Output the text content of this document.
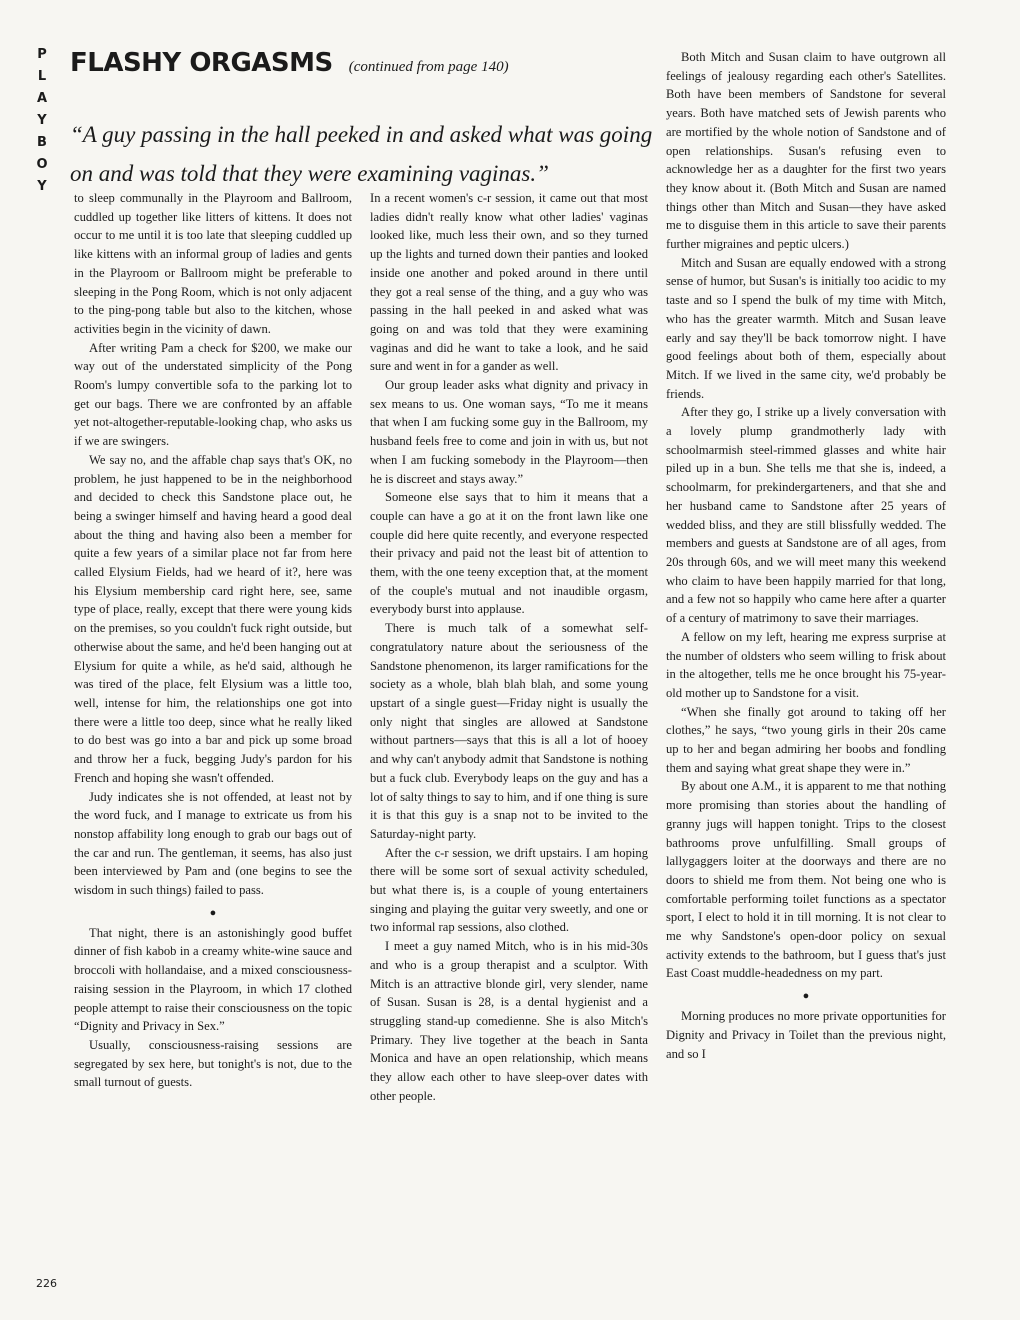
P
L
A
Y
B
O
Y
FLASHY ORGASMS (continued from page 140)

“A guy passing in the hall peeked in and asked what was going on and was told that they were examining vaginas.”

to sleep communally in the Playroom and Ballroom, cuddled up together like litters of kittens. It does not occur to me until it is too late that sleeping cuddled up like kittens with an informal group of ladies and gents in the Playroom or Ballroom might be preferable to sleeping in the Pong Room, which is not only adjacent to the ping-pong table but also to the kitchen, whose activities begin in the vicinity of dawn.

After writing Pam a check for $200, we make our way out of the understated simplicity of the Pong Room's lumpy convertible sofa to the parking lot to get our bags. There we are confronted by an affable yet not-altogether-reputable-looking chap, who asks us if we are swingers.

We say no, and the affable chap says that's OK, no problem, he just happened to be in the neighborhood and decided to check this Sandstone place out, he being a swinger himself and having heard a good deal about the thing and having also been a member for quite a few years of a similar place not far from here called Elysium Fields, had we heard of it?, here was his Elysium membership card right here, see, same type of place, really, except that there were young kids on the premises, so you couldn't fuck right outside, but otherwise about the same, and he'd been hanging out at Elysium for quite a while, as he'd said, although he was tired of the place, felt Elysium was a little too, well, intense for him, the relationships one got into there were a little too deep, since what he really liked to do best was go into a bar and pick up some broad and throw her a fuck, begging Judy's pardon for his French and hoping she wasn't offended.

Judy indicates she is not offended, at least not by the word fuck, and I manage to extricate us from his nonstop affability long enough to grab our bags out of the car and run. The gentleman, it seems, has also just been interviewed by Pam and (one begins to see the wisdom in such things) failed to pass.

●

That night, there is an astonishingly good buffet dinner of fish kabob in a creamy white-wine sauce and broccoli with hollandaise, and a mixed consciousness-raising session in the Playroom, in which 17 clothed people attempt to raise their consciousness on the topic “Dignity and Privacy in Sex.”

Usually, consciousness-raising sessions are segregated by sex here, but tonight's is not, due to the small turnout of guests.

In a recent women's c-r session, it came out that most ladies didn't really know what other ladies' vaginas looked like, much less their own, and so they turned up the lights and turned down their panties and looked inside one another and poked around in there until they got a real sense of the thing, and a guy who was passing in the hall peeked in and asked what was going on and was told that they were examining vaginas and did he want to take a look, and he said sure and went in for a gander as well.

Our group leader asks what dignity and privacy in sex means to us. One woman says, “To me it means that when I am fucking some guy in the Ballroom, my husband feels free to come and join in with us, but not when I am fucking somebody in the Playroom—then he is discreet and stays away.”

Someone else says that to him it means that a couple can have a go at it on the front lawn like one couple did here quite recently, and everyone respected their privacy and paid not the least bit of attention to them, with the one teeny exception that, at the moment of the couple's mutual and not inaudible orgasm, everybody burst into applause.

There is much talk of a somewhat self-congratulatory nature about the seriousness of the Sandstone phenomenon, its larger ramifications for the society as a whole, blah blah blah, and some young upstart of a single guest—Friday night is usually the only night that singles are allowed at Sandstone without partners—says that this is all a lot of hooey and why can't anybody admit that Sandstone is nothing but a fuck club. Everybody leaps on the guy and has a lot of salty things to say to him, and if one thing is sure it is that this guy is a snap not to be invited to the Saturday-night party.

After the c-r session, we drift upstairs. I am hoping there will be some sort of sexual activity scheduled, but what there is, is a couple of young entertainers singing and playing the guitar very sweetly, and one or two informal rap sessions, also clothed.

I meet a guy named Mitch, who is in his mid-30s and who is a group therapist and a sculptor. With Mitch is an attractive blonde girl, very slender, name of Susan. Susan is 28, is a dental hygienist and a struggling stand-up comedienne. She is also Mitch's Primary. They live together at the beach in Santa Monica and have an open relationship, which means they allow each other to have sleep-over dates with other people.

Both Mitch and Susan claim to have outgrown all feelings of jealousy regarding each other's Satellites. Both have been members of Sandstone for several years. Both have matched sets of Jewish parents who are mortified by the whole notion of Sandstone and of open relationships. Susan's refusing even to acknowledge her as a daughter for the first two years they know about it. (Both Mitch and Susan are named things other than Mitch and Susan—they have asked me to disguise them in this article to save their parents further migraines and peptic ulcers.)

Mitch and Susan are equally endowed with a strong sense of humor, but Susan's is initially too acidic to my taste and so I spend the bulk of my time with Mitch, who has the greater warmth. Mitch and Susan leave early and say they'll be back tomorrow night. I have good feelings about both of them, especially about Mitch. If we lived in the same city, we'd probably be friends.

After they go, I strike up a lively conversation with a lovely plump grandmotherly lady with schoolmarmish steel-rimmed glasses and white hair piled up in a bun. She tells me that she is, indeed, a schoolmarm, for prekindergarteners, and that she and her husband came to Sandstone after 25 years of wedded bliss, and they are still blissfully wedded. The members and guests at Sandstone are of all ages, from 20s through 60s, and we will meet many this weekend who claim to have been happily married for that long, and a few not so happily who came here after a quarter of a century of matrimony to save their marriages.

A fellow on my left, hearing me express surprise at the number of oldsters who seem willing to frisk about in the altogether, tells me he once brought his 75-year-old mother up to Sandstone for a visit.

“When she finally got around to taking off her clothes,” he says, “two young girls in their 20s came up to her and began admiring her boobs and fondling them and saying what great shape they were in.”

By about one A.M., it is apparent to me that nothing more promising than stories about the handling of granny jugs will happen tonight. Trips to the closest bathrooms prove unfulfilling. Small groups of lallygaggers loiter at the doorways and there are no doors to shield me from them. Not being one who is comfortable performing toilet functions as a spectator sport, I elect to hold it in till morning. It is not clear to me why Sandstone's open-door policy on sexual activity extends to the bathroom, but I guess that's just East Coast muddle-headedness on my part.

●

Morning produces no more private opportunities for Dignity and Privacy in Toilet than the previous night, and so I

226
